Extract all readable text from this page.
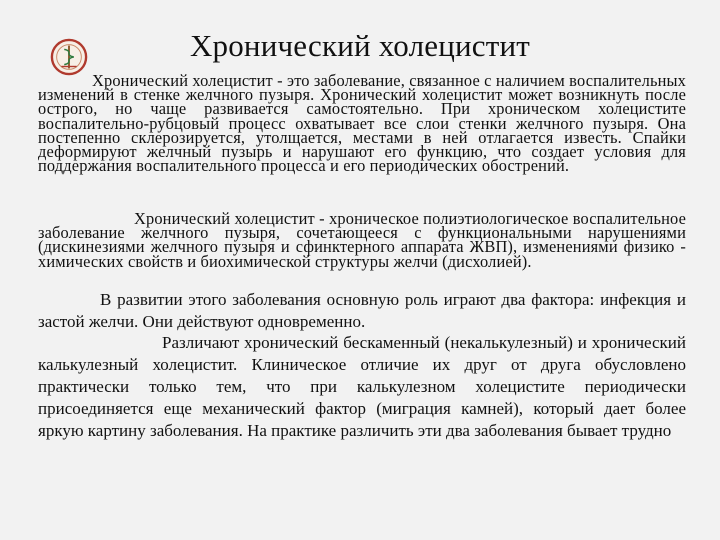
Хронический холецистит

Хронический холецистит - это заболевание, связанное с наличием воспалительных изменений в стенке желчного пузыря. Хронический холецистит может возникнуть после острого, но чаще развивается самостоятельно. При хроническом холецистите воспалительно-рубцовый процесс охватывает все слои стенки желчного пузыря. Она постепенно склерозируется, утолщается, местами в ней отлагается известь. Спайки деформируют желчный пузырь и нарушают его функцию, что создает условия для поддержания воспалительного процесса и его периодических обострений.

Хронический холецистит - хроническое полиэтиологическое воспалительное заболевание желчного пузыря, сочетающееся с функциональными нарушениями (дискинезиями желчного пузыря и сфинктерного аппарата ЖВП), изменениями физико - химических свойств и биохимической структуры желчи (дисхолией).

В развитии этого заболевания основную роль играют два фактора: инфекция и застой желчи. Они действуют одновременно.

Различают хронический бескаменный (некалькулезный) и хронический калькулезный холецистит. Клиническое отличие их друг от друга обусловлено практически только тем, что при калькулезном холецистите периодически присоединяется еще механический фактор (миграция камней), который дает более яркую картину заболевания. На практике различить эти два заболевания бывает трудно
